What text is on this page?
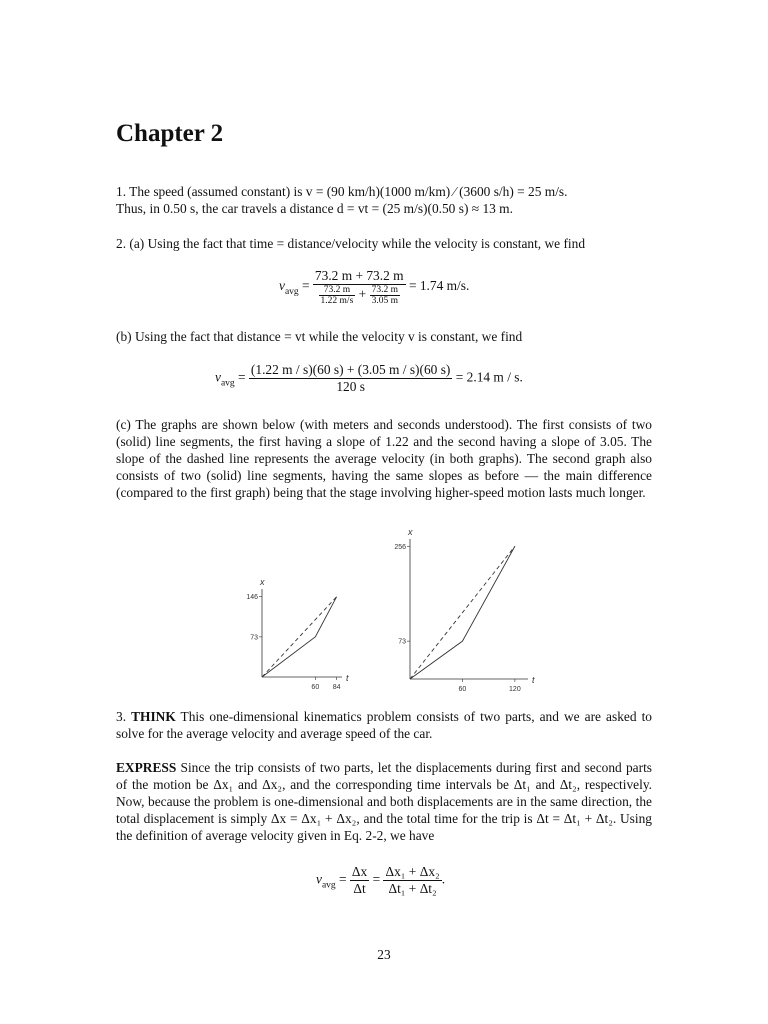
Chapter 2

1. The speed (assumed constant) is v = (90 km/h)(1000 m/km) ⁄ (3600 s/h) = 25 m/s.
Thus, in 0.50 s, the car travels a distance d = vt = (25 m/s)(0.50 s) ≈ 13 m.

2. (a) Using the fact that time = distance/velocity while the velocity is constant, we find

$v_{avg}$ =
73.2 m + 73.2 m
$\frac{73.2 m}{1.22 m/s} + \frac{73.2 m}{3.05 m} = 1.74$ m/s.

(b) Using the fact that distance = vt while the velocity v is constant, we find

$v_{avg} = \frac{(1.22 m / s)(60 s) + (3.05 m / s)(60 s)}{120 s} = 2.14$ m / s.

(c) The graphs are shown below (with meters and seconds understood). The first consists of two (solid) line segments, the first having a slope of 1.22 and the second having a slope of 3.05. The slope of the dashed line represents the average velocity (in both graphs). The second graph also consists of two (solid) line segments, having the same slopes as before — the main difference (compared to the first graph) being that the stage involving higher-speed motion lasts much longer.

t
x
60 84
73
146
t
x
60	120
73
256

3. THINK This one-dimensional kinematics problem consists of two parts, and we are asked to solve for the average velocity and average speed of the car.

EXPRESS Since the trip consists of two parts, let the displacements during first and second parts of the motion be Δx₁ and Δx₂, and the corresponding time intervals be Δt₁ and Δt₂, respectively. Now, because the problem is one-dimensional and both displacements are in the same direction, the total displacement is simply Δx = Δx₁ + Δx₂, and the total time for the trip is Δt = Δt₁ + Δt₂. Using the definition of average velocity given in Eq. 2-2, we have

$v_{avg} = \frac{\Delta x}{\Delta t} = \frac{\text{Δx₁ + Δx₂}}{\text{Δt₁ + Δt₂}}$ .
23
